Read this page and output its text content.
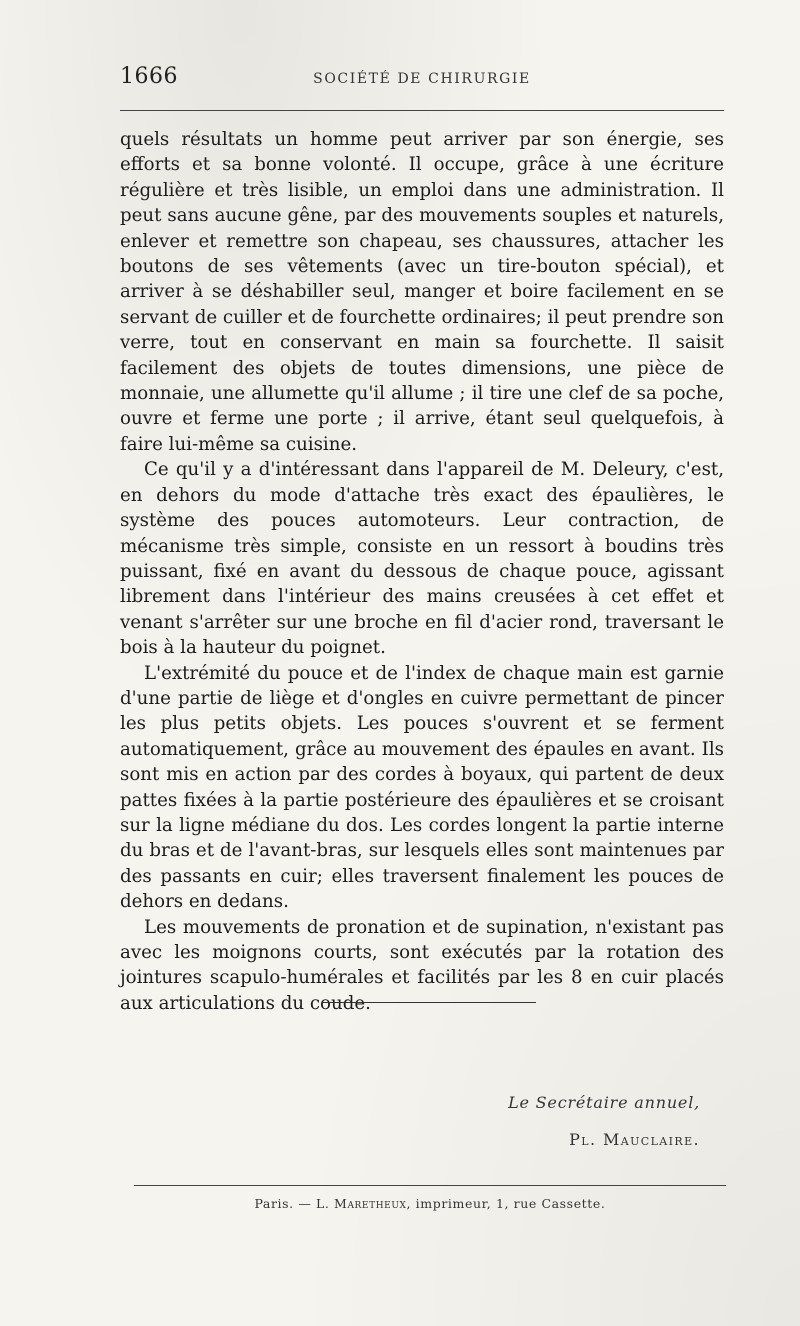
1666	SOCIÉTÉ DE CHIRURGIE

quels résultats un homme peut arriver par son énergie, ses efforts et sa bonne volonté. Il occupe, grâce à une écriture régulière et très lisible, un emploi dans une administration. Il peut sans aucune gêne, par des mouvements souples et naturels, enlever et remettre son chapeau, ses chaussures, attacher les boutons de ses vêtements (avec un tire-bouton spécial), et arriver à se déshabiller seul, manger et boire facilement en se servant de cuiller et de fourchette ordinaires; il peut prendre son verre, tout en conservant en main sa fourchette. Il saisit facilement des objets de toutes dimensions, une pièce de monnaie, une allumette qu'il allume ; il tire une clef de sa poche, ouvre et ferme une porte ; il arrive, étant seul quelquefois, à faire lui-même sa cuisine.

Ce qu'il y a d'intéressant dans l'appareil de M. Deleury, c'est, en dehors du mode d'attache très exact des épaulières, le système des pouces automoteurs. Leur contraction, de mécanisme très simple, consiste en un ressort à boudins très puissant, fixé en avant du dessous de chaque pouce, agissant librement dans l'intérieur des mains creusées à cet effet et venant s'arrêter sur une broche en fil d'acier rond, traversant le bois à la hauteur du poignet.

L'extrémité du pouce et de l'index de chaque main est garnie d'une partie de liège et d'ongles en cuivre permettant de pincer les plus petits objets. Les pouces s'ouvrent et se ferment automatiquement, grâce au mouvement des épaules en avant. Ils sont mis en action par des cordes à boyaux, qui partent de deux pattes fixées à la partie postérieure des épaulières et se croisant sur la ligne médiane du dos. Les cordes longent la partie interne du bras et de l'avant-bras, sur lesquels elles sont maintenues par des passants en cuir; elles traversent finalement les pouces de dehors en dedans.

Les mouvements de pronation et de supination, n'existant pas avec les moignons courts, sont exécutés par la rotation des jointures scapulo-humérales et facilités par les 8 en cuir placés aux articulations du coude.

Le Secrétaire annuel,
Pl. Mauclaire.
Paris. — L. Maretheux, imprimeur, 1, rue Cassette.
